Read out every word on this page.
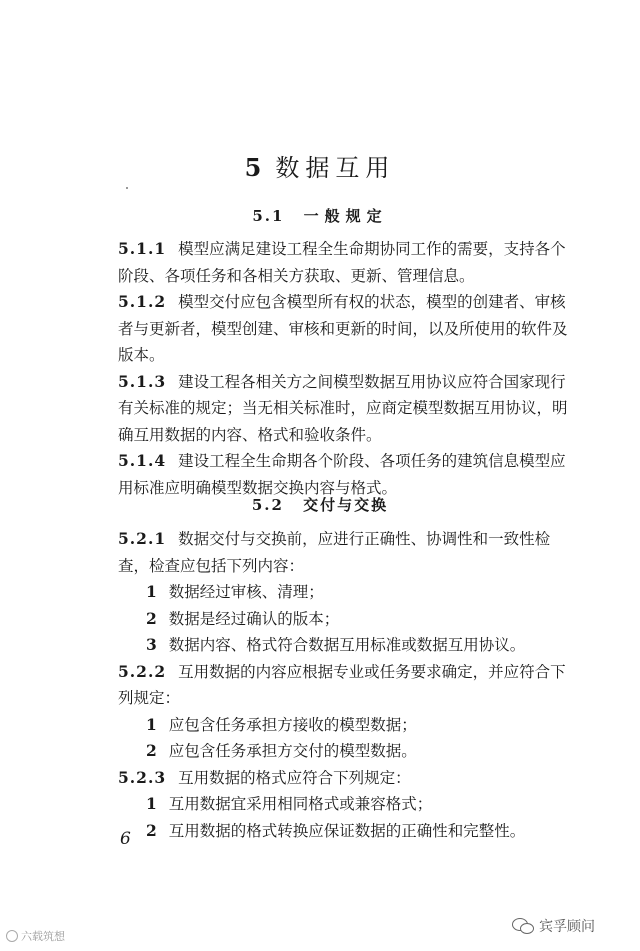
5 数据互用
5.1 一般规定

5.1.1 模型应满足建设工程全生命期协同工作的需要，支持各个阶段、各项任务和各相关方获取、更新、管理信息。

5.1.2 模型交付应包含模型所有权的状态，模型的创建者、审核者与更新者，模型创建、审核和更新的时间，以及所使用的软件及版本。

5.1.3 建设工程各相关方之间模型数据互用协议应符合国家现行有关标准的规定；当无相关标准时，应商定模型数据互用协议，明确互用数据的内容、格式和验收条件。

5.1.4 建设工程全生命期各个阶段、各项任务的建筑信息模型应用标准应明确模型数据交换内容与格式。

5.2 交付与交换

5.2.1 数据交付与交换前，应进行正确性、协调性和一致性检查，检查应包括下列内容：

1 数据经过审核、清理；

2 数据是经过确认的版本；

3 数据内容、格式符合数据互用标准或数据互用协议。

5.2.2 互用数据的内容应根据专业或任务要求确定，并应符合下列规定：

1 应包含任务承担方接收的模型数据；

2 应包含任务承担方交付的模型数据。

5.2.3 互用数据的格式应符合下列规定：

1 互用数据宜采用相同格式或兼容格式；

2 互用数据的格式转换应保证数据的正确性和完整性。

6
六载筑想
宾孚顾问
